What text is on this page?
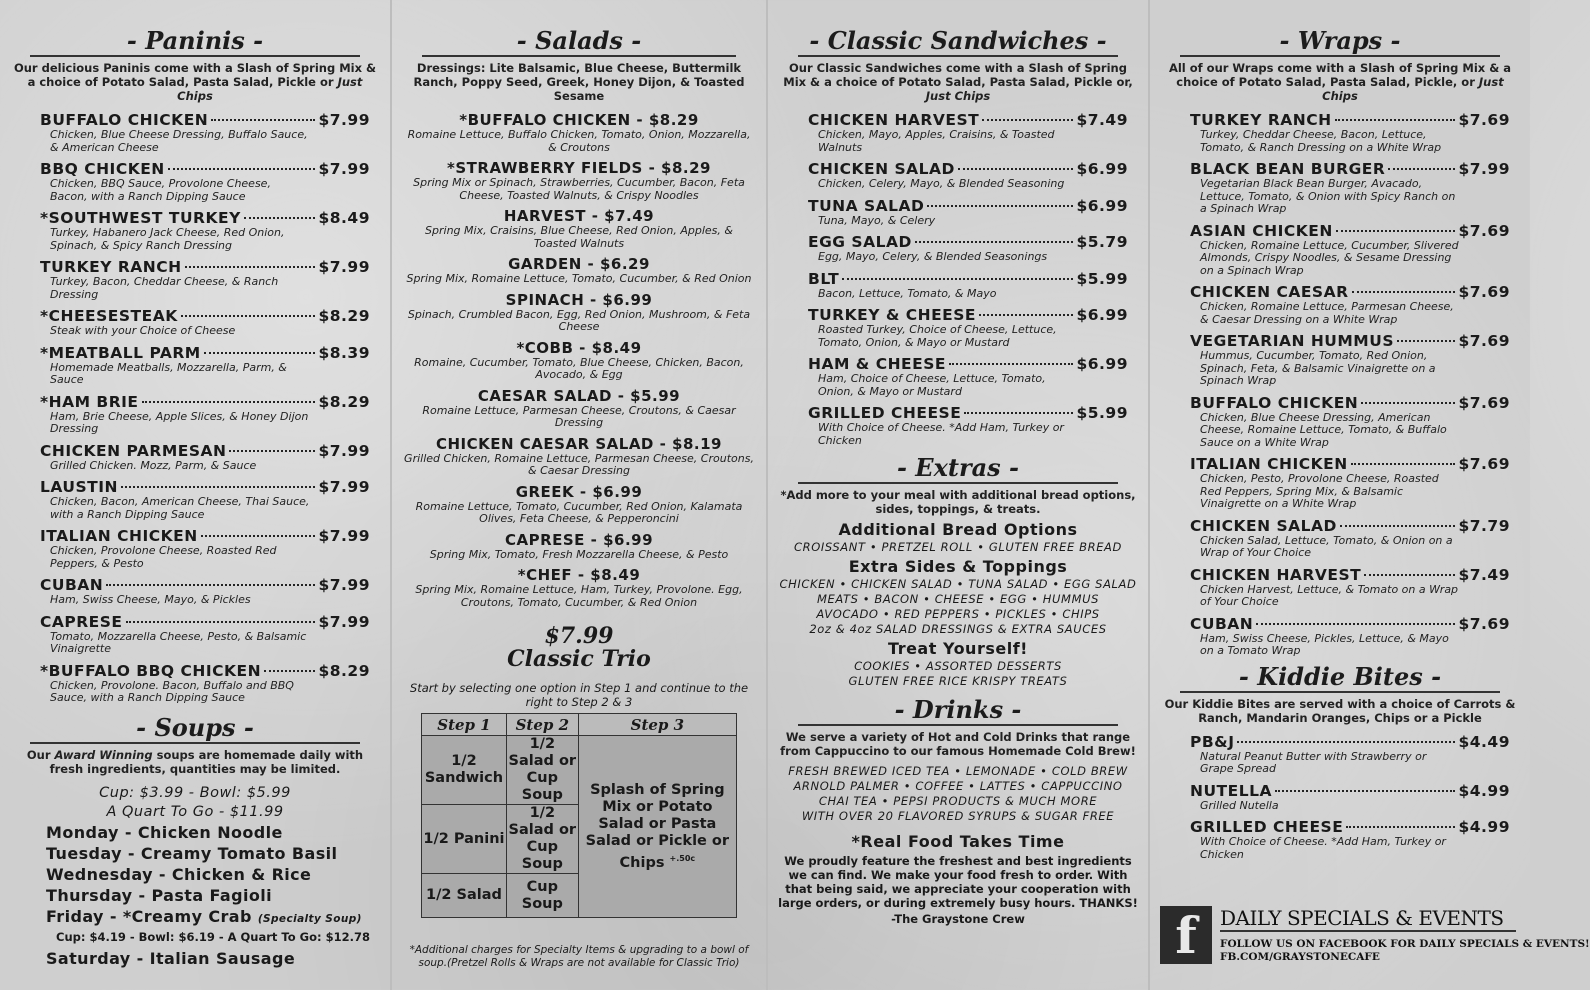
- Paninis -
Our delicious Paninis come with a Slash of Spring Mix & a choice of Potato Salad, Pasta Salad, Pickle or Just Chips
BUFFALO CHICKEN	$7.99
Chicken, Blue Cheese Dressing, Buffalo Sauce, & American Cheese
BBQ CHICKEN	$7.99
Chicken, BBQ Sauce, Provolone Cheese, Bacon, with a Ranch Dipping Sauce
*SOUTHWEST TURKEY	$8.49
Turkey, Habanero Jack Cheese, Red Onion, Spinach, & Spicy Ranch Dressing
TURKEY RANCH	$7.99
Turkey, Bacon, Cheddar Cheese, & Ranch Dressing
*CHEESESTEAK	$8.29
Steak with your Choice of Cheese
*MEATBALL PARM	$8.39
Homemade Meatballs, Mozzarella, Parm, & Sauce
*HAM BRIE	$8.29
Ham, Brie Cheese, Apple Slices, & Honey Dijon Dressing
CHICKEN PARMESAN	$7.99
Grilled Chicken. Mozz, Parm, & Sauce
LAUSTIN	$7.99
Chicken, Bacon, American Cheese, Thai Sauce, with a Ranch Dipping Sauce
ITALIAN CHICKEN	$7.99
Chicken, Provolone Cheese, Roasted Red Peppers, & Pesto
CUBAN	$7.99
Ham, Swiss Cheese, Mayo, & Pickles
CAPRESE	$7.99
Tomato, Mozzarella Cheese, Pesto, & Balsamic Vinaigrette
*BUFFALO BBQ CHICKEN	$8.29
Chicken, Provolone. Bacon, Buffalo and BBQ Sauce, with a Ranch Dipping Sauce
- Soups -
Our Award Winning soups are homemade daily with fresh ingredients, quantities may be limited.
Cup: $3.99 - Bowl: $5.99
A Quart To Go - $11.99
Monday - Chicken Noodle
Tuesday - Creamy Tomato Basil
Wednesday - Chicken & Rice
Thursday - Pasta Fagioli
Friday - *Creamy Crab (Specialty Soup)
Cup: $4.19 - Bowl: $6.19 - A Quart To Go: $12.78
Saturday - Italian Sausage
- Salads -
Dressings: Lite Balsamic, Blue Cheese, Buttermilk Ranch, Poppy Seed, Greek, Honey Dijon, & Toasted Sesame
*BUFFALO CHICKEN - $8.29
Romaine Lettuce, Buffalo Chicken, Tomato, Onion, Mozzarella, & Croutons
*STRAWBERRY FIELDS - $8.29
Spring Mix or Spinach, Strawberries, Cucumber, Bacon, Feta Cheese, Toasted Walnuts, & Crispy Noodles
HARVEST - $7.49
Spring Mix, Craisins, Blue Cheese, Red Onion, Apples, & Toasted Walnuts
GARDEN - $6.29
Spring Mix, Romaine Lettuce, Tomato, Cucumber, & Red Onion
SPINACH - $6.99
Spinach, Crumbled Bacon, Egg, Red Onion, Mushroom, & Feta Cheese
*COBB - $8.49
Romaine, Cucumber, Tomato, Blue Cheese, Chicken, Bacon, Avocado, & Egg
CAESAR SALAD - $5.99
Romaine Lettuce, Parmesan Cheese, Croutons, & Caesar Dressing
CHICKEN CAESAR SALAD - $8.19
Grilled Chicken, Romaine Lettuce, Parmesan Cheese, Croutons, & Caesar Dressing
GREEK - $6.99
Romaine Lettuce, Tomato, Cucumber, Red Onion, Kalamata Olives, Feta Cheese, & Pepperoncini
CAPRESE - $6.99
Spring Mix, Tomato, Fresh Mozzarella Cheese, & Pesto
*CHEF - $8.49
Spring Mix, Romaine Lettuce, Ham, Turkey, Provolone. Egg, Croutons, Tomato, Cucumber, & Red Onion
$7.99
Classic Trio
Start by selecting one option in Step 1 and continue to the right to Step 2 & 3
Step 1	Step 2	Step 3
1/2 Sandwich	1/2 Salad or Cup Soup	Splash of Spring Mix or Potato Salad or Pasta Salad or Pickle or Chips $^{+.50c}$
1/2 Panini	1/2 Salad or Cup Soup	
1/2 Salad	Cup Soup	
*Additional charges for Specialty Items & upgrading to a bowl of soup.(Pretzel Rolls & Wraps are not available for Classic Trio)
- Classic Sandwiches -
Our Classic Sandwiches come with a Slash of Spring Mix & a choice of Potato Salad, Pasta Salad, Pickle or, Just Chips
CHICKEN HARVEST	$7.49
Chicken, Mayo, Apples, Craisins, & Toasted Walnuts
CHICKEN SALAD	$6.99
Chicken, Celery, Mayo, & Blended Seasoning
TUNA SALAD	$6.99
Tuna, Mayo, & Celery
EGG SALAD	$5.79
Egg, Mayo, Celery, & Blended Seasonings
BLT	$5.99
Bacon, Lettuce, Tomato, & Mayo
TURKEY & CHEESE	$6.99
Roasted Turkey, Choice of Cheese, Lettuce, Tomato, Onion, & Mayo or Mustard
HAM & CHEESE	$6.99
Ham, Choice of Cheese, Lettuce, Tomato, Onion, & Mayo or Mustard
GRILLED CHEESE	$5.99
With Choice of Cheese. *Add Ham, Turkey or Chicken
- Extras -
*Add more to your meal with additional bread options, sides, toppings, & treats.
Additional Bread Options
CROISSANT • PRETZEL ROLL • GLUTEN FREE BREAD
Extra Sides & Toppings
CHICKEN • CHICKEN SALAD • TUNA SALAD • EGG SALAD
MEATS • BACON • CHEESE • EGG • HUMMUS
AVOCADO • RED PEPPERS • PICKLES • CHIPS
2oz & 4oz SALAD DRESSINGS & EXTRA SAUCES
Treat Yourself!
COOKIES • ASSORTED DESSERTS
GLUTEN FREE RICE KRISPY TREATS
- Drinks -
We serve a variety of Hot and Cold Drinks that range from Cappuccino to our famous Homemade Cold Brew!
FRESH BREWED ICED TEA • LEMONADE • COLD BREW
ARNOLD PALMER • COFFEE • LATTES • CAPPUCCINO
CHAI TEA • PEPSI PRODUCTS & MUCH MORE
WITH OVER 20 FLAVORED SYRUPS & SUGAR FREE
*Real Food Takes Time
We proudly feature the freshest and best ingredients we can find. We make your food fresh to order. With that being said, we appreciate your cooperation with large orders, or during extremely busy hours. THANKS!
-The Graystone Crew
- Wraps -
All of our Wraps come with a Slash of Spring Mix & a choice of Potato Salad, Pasta Salad, Pickle, or Just Chips
TURKEY RANCH	$7.69
Turkey, Cheddar Cheese, Bacon, Lettuce, Tomato, & Ranch Dressing on a White Wrap
BLACK BEAN BURGER	$7.99
Vegetarian Black Bean Burger, Avacado, Lettuce, Tomato, & Onion with Spicy Ranch on a Spinach Wrap
ASIAN CHICKEN	$7.69
Chicken, Romaine Lettuce, Cucumber, Slivered Almonds, Crispy Noodles, & Sesame Dressing on a Spinach Wrap
CHICKEN CAESAR	$7.69
Chicken, Romaine Lettuce, Parmesan Cheese, & Caesar Dressing on a White Wrap
VEGETARIAN HUMMUS	$7.69
Hummus, Cucumber, Tomato, Red Onion, Spinach, Feta, & Balsamic Vinaigrette on a Spinach Wrap
BUFFALO CHICKEN	$7.69
Chicken, Blue Cheese Dressing, American Cheese, Romaine Lettuce, Tomato, & Buffalo Sauce on a White Wrap
ITALIAN CHICKEN	$7.69
Chicken, Pesto, Provolone Cheese, Roasted Red Peppers, Spring Mix, & Balsamic Vinaigrette on a White Wrap
CHICKEN SALAD	$7.79
Chicken Salad, Lettuce, Tomato, & Onion on a Wrap of Your Choice
CHICKEN HARVEST	$7.49
Chicken Harvest, Lettuce, & Tomato on a Wrap of Your Choice
CUBAN	$7.69
Ham, Swiss Cheese, Pickles, Lettuce, & Mayo on a Tomato Wrap
- Kiddie Bites -
Our Kiddie Bites are served with a choice of Carrots & Ranch, Mandarin Oranges, Chips or a Pickle
PB&J	$4.49
Natural Peanut Butter with Strawberry or Grape Spread
NUTELLA	$4.99
Grilled Nutella
GRILLED CHEESE	$4.99
With Choice of Cheese. *Add Ham, Turkey or Chicken
f	DAILY SPECIALS & EVENTS
FOLLOW US ON FACEBOOK FOR DAILY SPECIALS & EVENTS!
FB.COM/GRAYSTONECAFE
